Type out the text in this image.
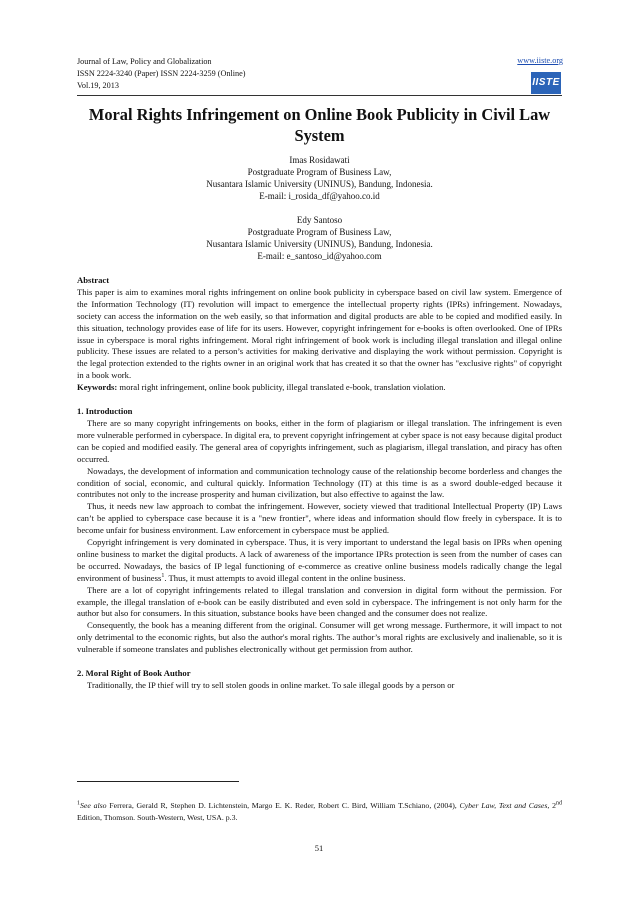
Journal of Law, Policy and Globalization
ISSN 2224-3240 (Paper) ISSN 2224-3259 (Online)
Vol.19, 2013
www.iiste.org
IISTE
Moral Rights Infringement on Online Book Publicity in Civil Law System
Imas Rosidawati
Postgraduate Program of Business Law,
Nusantara Islamic University (UNINUS), Bandung, Indonesia.
E-mail: i_rosida_df@yahoo.co.id
Edy Santoso
Postgraduate Program of Business Law,
Nusantara Islamic University (UNINUS), Bandung, Indonesia.
E-mail: e_santoso_id@yahoo.com

Abstract

This paper is aim to examines moral rights infringement on online book publicity in cyberspace based on civil law system. Emergence of the Information Technology (IT) revolution will impact to emergence the intellectual property rights (IPRs) infringement. Nowadays, society can access the information on the web easily, so that information and digital products are able to be copied and modified easily. In this situation, technology provides ease of life for its users. However, copyright infringement for e-books is often overlooked. One of IPRs issue in cyberspace is moral rights infringement. Moral right infringement of book work is including illegal translation and illegal online publicity. These issues are related to a person’s activities for making derivative and displaying the work without permission. Copyright is the legal protection extended to the rights owner in an original work that has created it so that the owner has "exclusive rights" of copyright in a book work.

Keywords: moral right infringement, online book publicity, illegal translated e-book, translation violation.

1. Introduction

There are so many copyright infringements on books, either in the form of plagiarism or illegal translation. The infringement is even more vulnerable performed in cyberspace. In digital era, to prevent copyright infringement at cyber space is not easy because digital product can be copied and modified easily. The general area of copyrights infringement, such as plagiarism, illegal translation, and piracy has often occurred.

Nowadays, the development of information and communication technology cause of the relationship become borderless and changes the condition of social, economic, and cultural quickly. Information Technology (IT) at this time is as a sword double-edged because it contributes not only to the increase prosperity and human civilization, but also effective to against the law.

Thus, it needs new law approach to combat the infringement. However, society viewed that traditional Intellectual Property (IP) Laws can’t be applied to cyberspace case because it is a "new frontier", where ideas and information should flow freely in cyberspace. It is to become unfair for business environment. Law enforcement in cyberspace must be applied.

Copyright infringement is very dominated in cyberspace. Thus, it is very important to understand the legal basis on IPRs when opening online business to market the digital products. A lack of awareness of the importance IPRs protection is seen from the number of cases can be occurred. Nowadays, the basics of IP legal functioning of e-commerce as creative online business models radically change the legal environment of business$^1$. Thus, it must attempts to avoid illegal content in the online business.

There are a lot of copyright infringements related to illegal translation and conversion in digital form without the permission. For example, the illegal translation of e-book can be easily distributed and even sold in cyberspace. The infringement is not only harm for the author but also for consumers. In this situation, substance books have been changed and the consumer does not realize.

Consequently, the book has a meaning different from the original. Consumer will get wrong message. Furthermore, it will impact to not only detrimental to the economic rights, but also the author's moral rights. The author’s moral rights are exclusively and inalienable, so it is vulnerable if someone translates and publishes electronically without get permission from author.

2. Moral Right of Book Author

Traditionally, the IP thief will try to sell stolen goods in online market. To sale illegal goods by a person or

$^1$See also Ferrera, Gerald R, Stephen D. Lichtenstein, Margo E. K. Reder, Robert C. Bird, William T.Schiano, (2004), Cyber Law, Text and Cases, 2nd Edition, Thomson. South-Western, West, USA. p.3.
51
